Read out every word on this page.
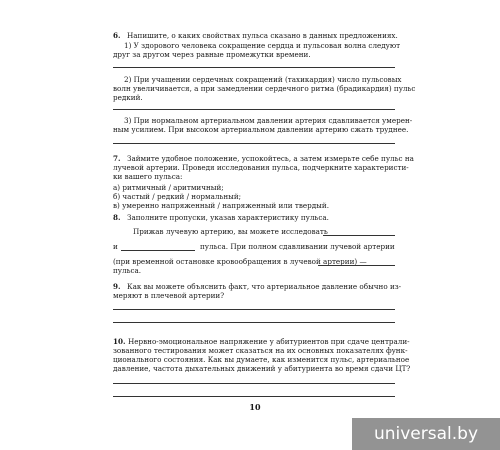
6. Напишите, о каких свойствах пульса сказано в данных предложениях.
1) У здорового человека сокращение сердца и пульсовая волна следуют
друг за другом через равные промежутки времени.
2) При учащении сердечных сокращений (тахикардия) число пульсовых
волн увеличивается, а при замедлении сердечного ритма (брадикардия) пульс
редкий.
3) При нормальном артериальном давлении артерия сдавливается умерен-
ным усилием. При высоком артериальном давлении артерию сжать труднее.
7. Займите удобное положение, успокойтесь, а затем измерьте себе пульс на
лучевой артерии. Проведя исследования пульса, подчеркните характеристи-
ки вашего пульса:
а) ритмичный / аритмичный;
б) частый / редкий / нормальный;
в) умеренно напряженный / напряженный или твердый.
8. Заполните пропуски, указав характеристику пульса.
Прижав лучевую артерию, вы можете исследовать
и	пульса. При полном сдавливании лучевой артерии
(при временной остановке кровообращения в лучевой артерии) —
пульса.
9. Как вы можете объяснить факт, что артериальное давление обычно из-
меряют в плечевой артерии?
10. Нервно-эмоциональное напряжение у абитуриентов при сдаче централи-
зованного тестирования может сказаться на их основных показателях функ-
ционального состояния. Как вы думаете, как изменится пульс, артериальное
давление, частота дыхательных движений у абитуриента во время сдачи ЦТ?
10
universal.by
